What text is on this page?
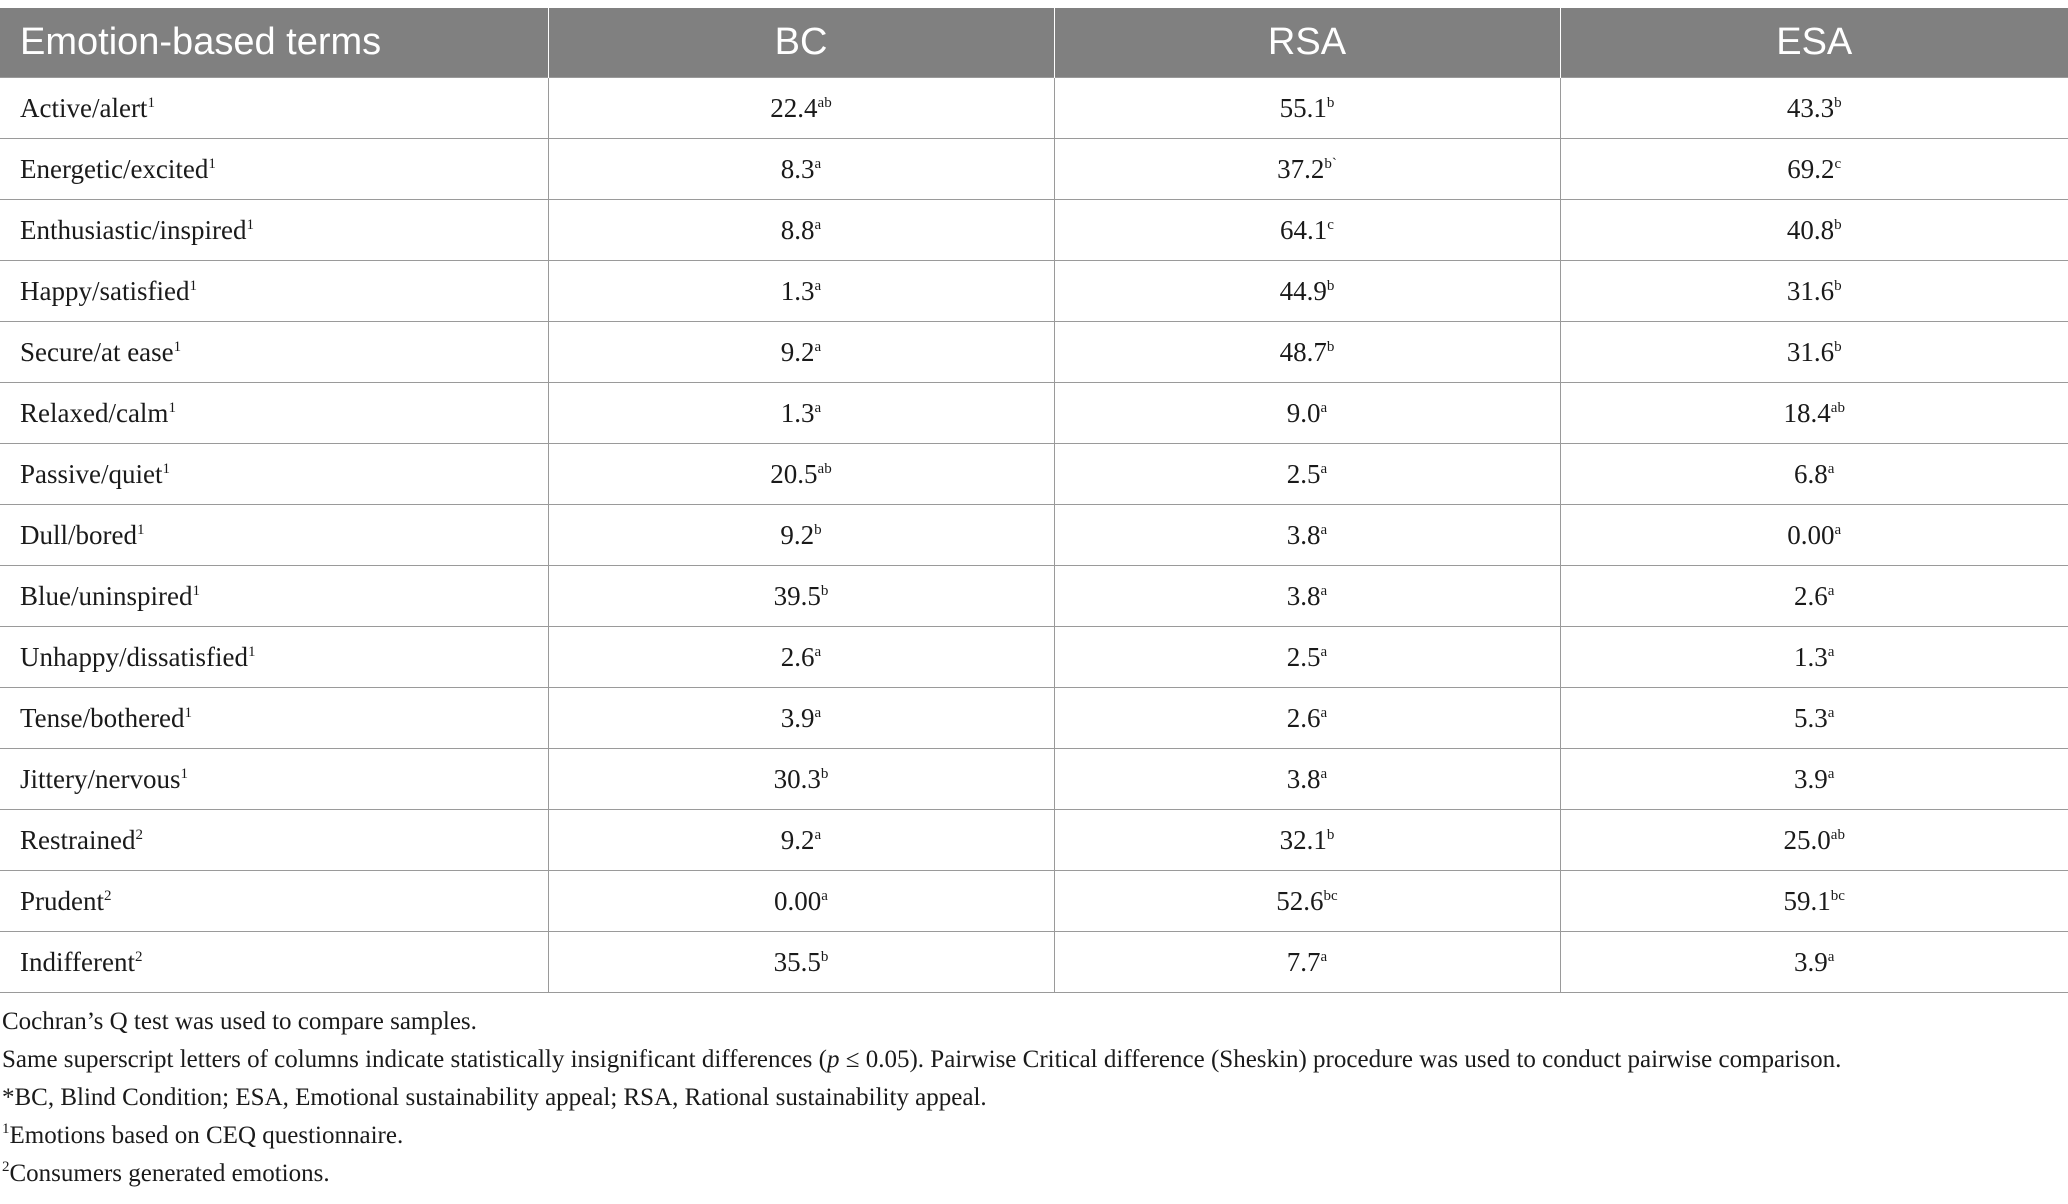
Emotion-based terms	BC	RSA	ESA
Active/alert$^1$	22.4$^{ab}$	55.1$^b$	43.3$^b$
Energetic/excited$^1$	8.3$^a$	$37.2^{b`}$	69.2$^c$
Enthusiastic/inspired$^1$	8.8$^a$	64.1$^c$	40.8$^b$
Happy/satisfied$^1$	1.3$^a$	44.9$^b$	31.6$^b$
Secure/at ease$^1$	9.2$^a$	48.7$^b$	31.6$^b$
Relaxed/calm$^1$	1.3$^a$	9.0$^a$	18.4$^{ab}$
Passive/quiet$^1$	20.5$^{ab}$	2.5$^a$	6.8$^a$
Dull/bored$^1$	9.2$^b$	3.8$^a$	0.00$^a$
Blue/uninspired$^1$	39.5$^b$	3.8$^a$	2.6$^a$
Unhappy/dissatisfied$^1$	2.6$^a$	2.5$^a$	1.3$^a$
Tense/bothered$^1$	3.9$^a$	2.6$^a$	5.3$^a$
Jittery/nervous$^1$	30.3$^b$	3.8$^a$	3.9$^a$
Restrained$^2$	9.2$^a$	32.1$^b$	25.0$^{ab}$
Prudent$^2$	0.00$^a$	52.6$^{bc}$	59.1$^{bc}$
Indifferent$^2$	35.5$^b$	7.7$^a$	3.9$^a$
Cochran’s Q test was used to compare samples.
Same superscript letters of columns indicate statistically insignificant differences (p ≤ 0.05). Pairwise Critical difference (Sheskin) procedure was used to conduct pairwise comparison.
*BC, Blind Condition; ESA, Emotional sustainability appeal; RSA, Rational sustainability appeal.
$^1$Emotions based on CEQ questionnaire.
$^2$Consumers generated emotions.
